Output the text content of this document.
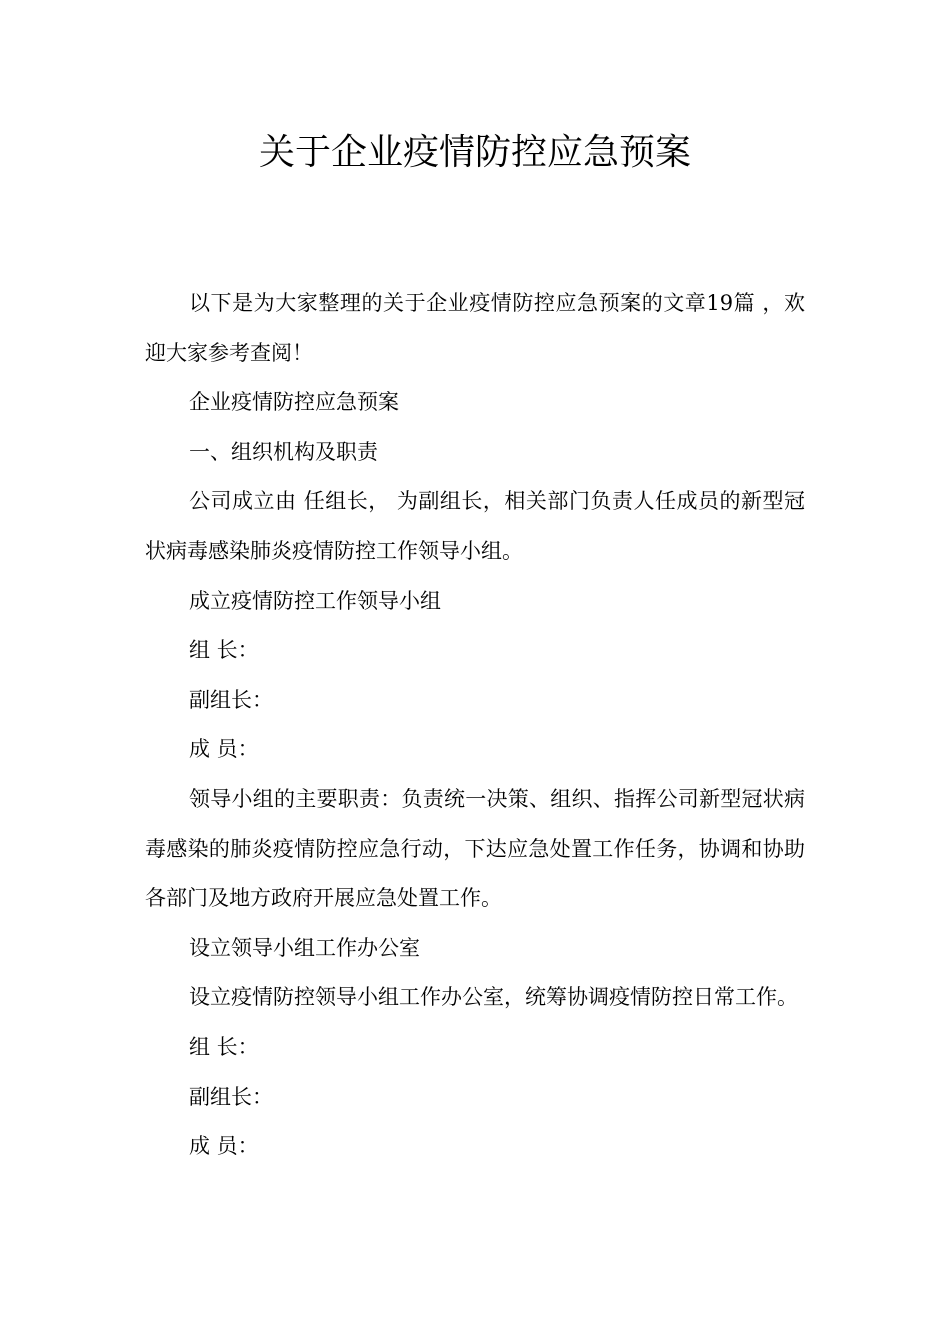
关于企业疫情防控应急预案

以下是为大家整理的关于企业疫情防控应急预案的文章19篇 ，欢迎大家参考查阅！

企业疫情防控应急预案

一、组织机构及职责

公司成立由 任组长， 为副组长，相关部门负责人任成员的新型冠状病毒感染肺炎疫情防控工作领导小组。

成立疫情防控工作领导小组

组 长：

副组长：

成 员：

领导小组的主要职责：负责统一决策、组织、指挥公司新型冠状病毒感染的肺炎疫情防控应急行动，下达应急处置工作任务，协调和协助各部门及地方政府开展应急处置工作。

设立领导小组工作办公室

设立疫情防控领导小组工作办公室，统筹协调疫情防控日常工作。

组 长：

副组长：

成 员：
